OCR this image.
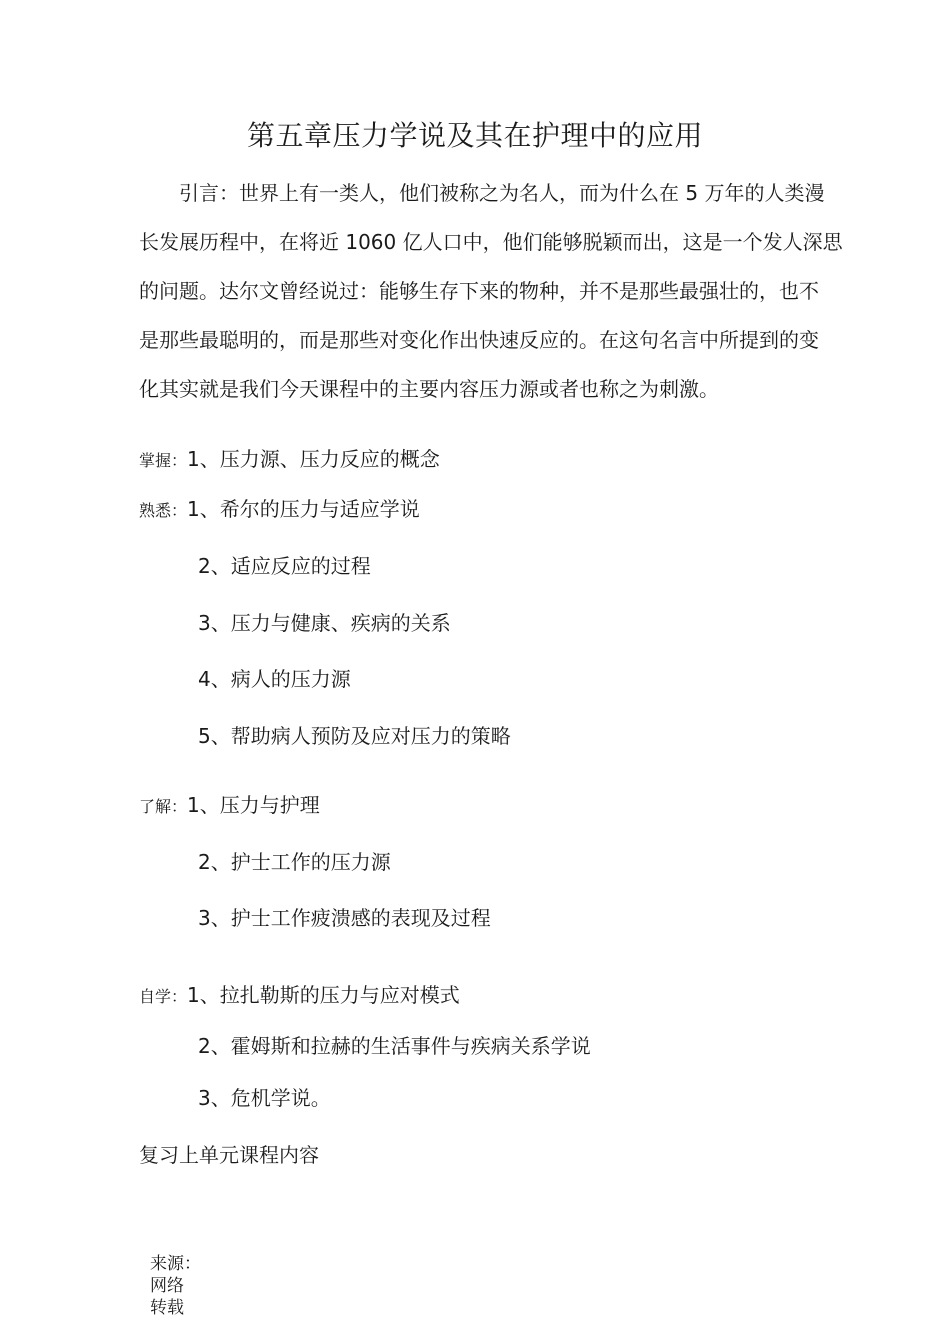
第五章压力学说及其在护理中的应用

引言：世界上有一类人，他们被称之为名人，而为什么在 5 万年的人类漫
长发展历程中，在将近 1060 亿人口中，他们能够脱颖而出，这是一个发人深思
的问题。达尔文曾经说过：能够生存下来的物种，并不是那些最强壮的，也不
是那些最聪明的，而是那些对变化作出快速反应的。在这句名言中所提到的变
化其实就是我们今天课程中的主要内容压力源或者也称之为刺激。

掌握：1、压力源、压力反应的概念
熟悉：1、希尔的压力与适应学说
2、适应反应的过程
3、压力与健康、疾病的关系
4、病人的压力源
5、帮助病人预防及应对压力的策略
了解：1、压力与护理
2、护士工作的压力源
3、护士工作疲溃感的表现及过程
自学：1、拉扎勒斯的压力与应对模式
2、霍姆斯和拉赫的生活事件与疾病关系学说
3、危机学说。
复习上单元课程内容
来源：
网络
转载
